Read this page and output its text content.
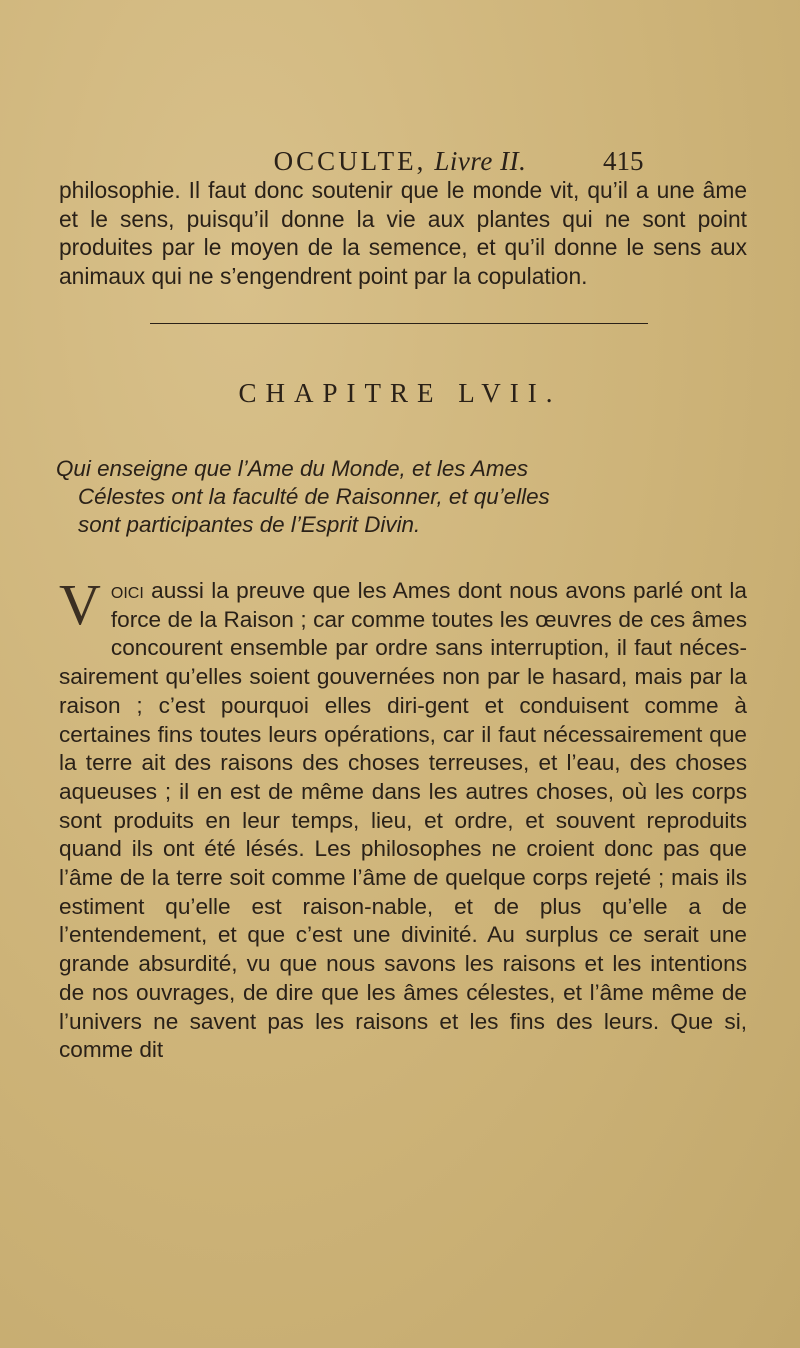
OCCULTE, Livre II.	415
philosophie. Il faut donc soutenir que le monde vit, qu’il a une âme et le sens, puisqu’il donne la vie aux plantes qui ne sont point produites par le moyen de la semence, et qu’il donne le sens aux animaux qui ne s’engendrent point par la copulation.
CHAPITRE LVII.
Qui enseigne que l’Ame du Monde, et les Ames
Célestes ont la faculté de Raisonner, et qu’elles
sont participantes de l’Esprit Divin.
Voici aussi la preuve que les Ames dont nous avons parlé ont la force de la Raison ; car comme toutes les œuvres de ces âmes concourent ensemble par ordre sans interruption, il faut néces-sairement qu’elles soient gouvernées non par le hasard, mais par la raison ; c’est pourquoi elles diri-gent et conduisent comme à certaines fins toutes leurs opérations, car il faut nécessairement que la terre ait des raisons des choses terreuses, et l’eau, des choses aqueuses ; il en est de même dans les autres choses, où les corps sont produits en leur temps, lieu, et ordre, et souvent reproduits quand ils ont été lésés. Les philosophes ne croient donc pas que l’âme de la terre soit comme l’âme de quelque corps rejeté ; mais ils estiment qu’elle est raison-nable, et de plus qu’elle a de l’entendement, et que c’est une divinité. Au surplus ce serait une grande absurdité, vu que nous savons les raisons et les intentions de nos ouvrages, de dire que les âmes célestes, et l’âme même de l’univers ne savent pas les raisons et les fins des leurs. Que si, comme dit
